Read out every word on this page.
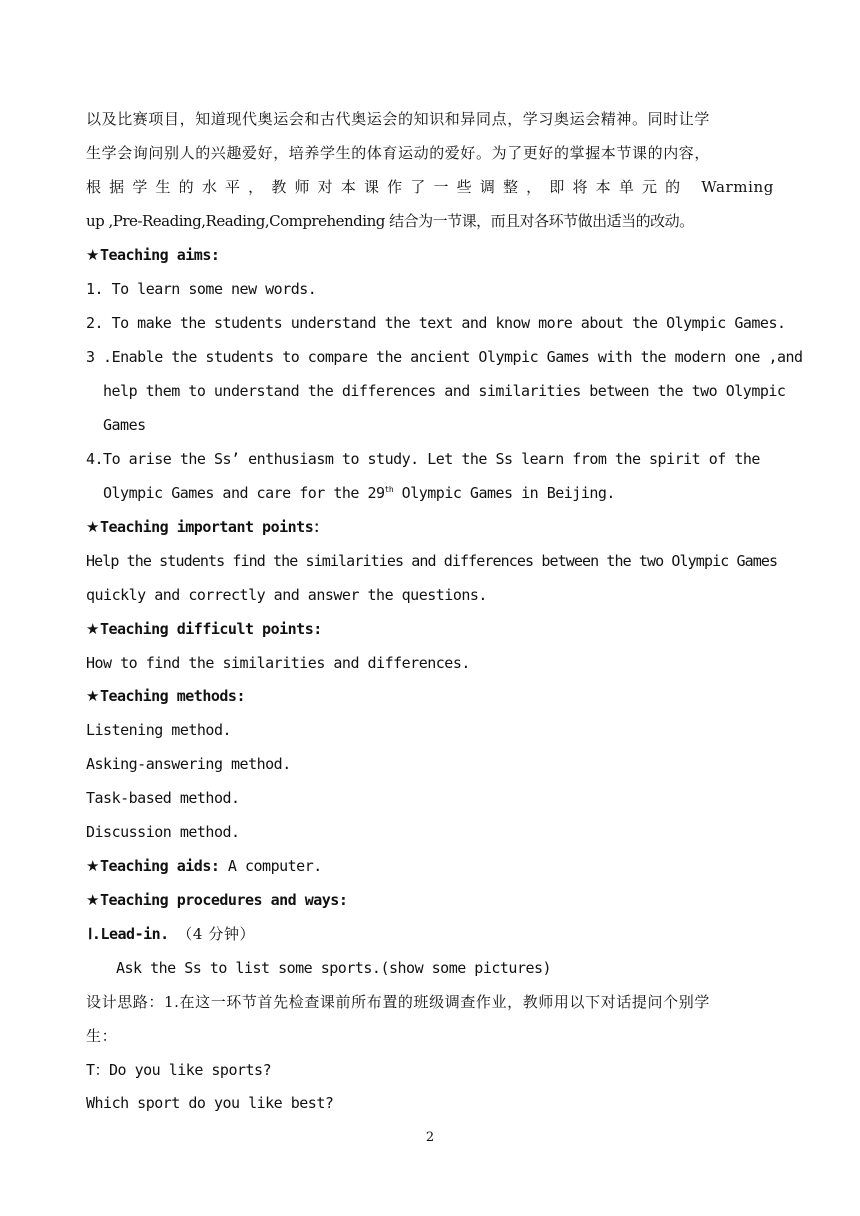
以及比赛项目，知道现代奥运会和古代奥运会的知识和异同点，学习奥运会精神。同时让学
生学会询问别人的兴趣爱好，培养学生的体育运动的爱好。为了更好的掌握本节课的内容，
根据学生的水平，教师对本课作了一些调整，即将本单元的 Warming
up ,Pre-Reading,Reading,Comprehending 结合为一节课，而且对各环节做出适当的改动。
★Teaching aims:
1. To learn some new words.
2. To make the students understand the text and know more about the Olympic Games.
3 .Enable the students to compare the ancient Olympic Games with the modern one ,and
help them to understand the differences and similarities between the two Olympic
Games
4.To arise the Ss’ enthusiasm to study. Let the Ss learn from the spirit of the
Olympic Games and care for the 29th Olympic Games in Beijing.
★Teaching important points：
Help the students find the similarities and differences between the two Olympic Games
quickly and correctly and answer the questions.
★Teaching difficult points:
How to find the similarities and differences.
★Teaching methods:
Listening method.
Asking-answering method.
Task-based method.
Discussion method.
★Teaching aids: A computer.
★Teaching procedures and ways:
Ⅰ.Lead-in. （4 分钟）
Ask the Ss to list some sports.(show some pictures)
设计思路：1.在这一环节首先检查课前所布置的班级调查作业，教师用以下对话提问个别学
生：
T：Do you like sports?
Which sport do you like best?
2
